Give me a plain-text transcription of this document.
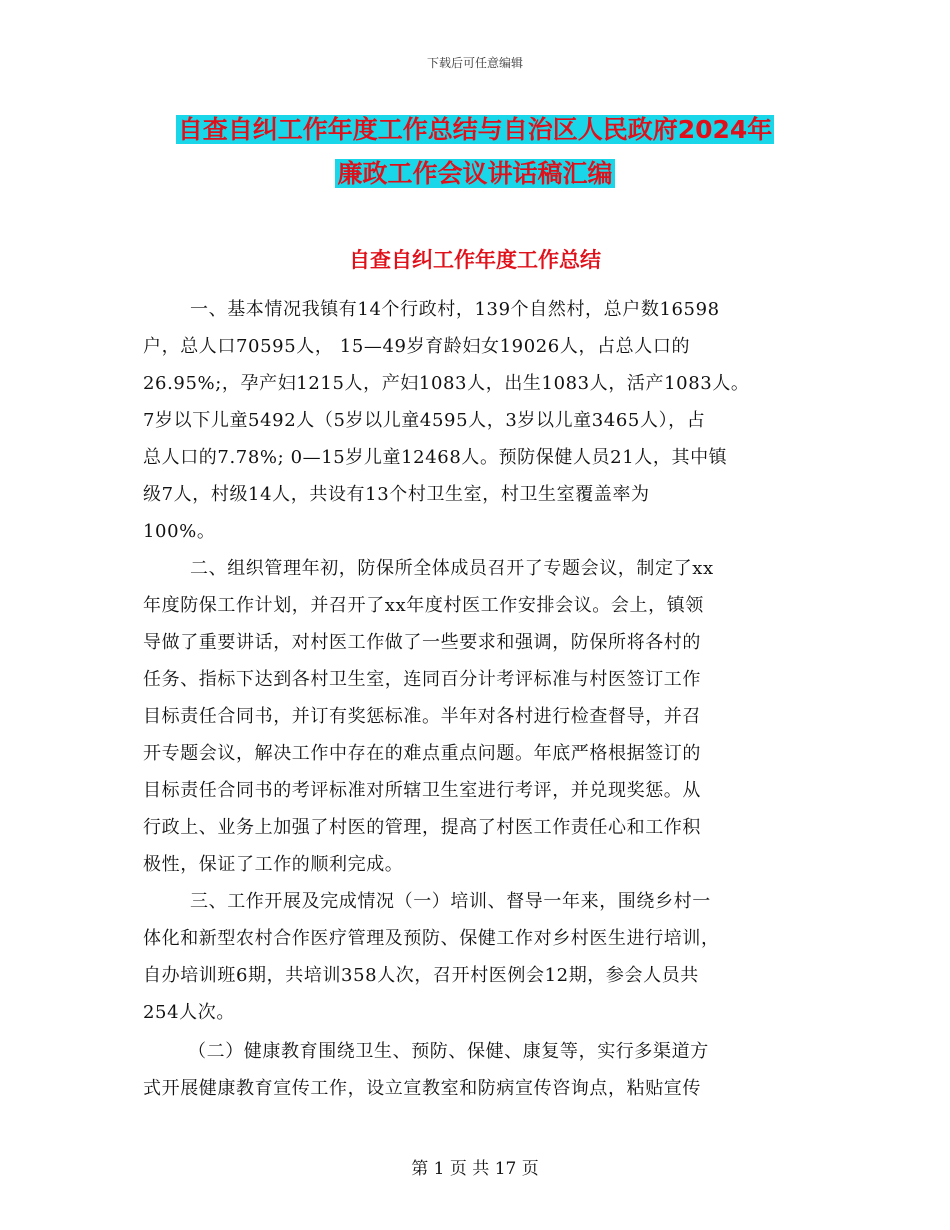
下载后可任意编辑
自查自纠工作年度工作总结与自治区人民政府2024年
廉政工作会议讲话稿汇编
自查自纠工作年度工作总结
一、基本情况我镇有14个行政村，139个自然村，总户数16598
户，总人口70595人， 15—49岁育龄妇女19026人，占总人口的
26.95%;，孕产妇1215人，产妇1083人，出生1083人，活产1083人。
7岁以下儿童5492人（5岁以儿童4595人，3岁以儿童3465人），占
总人口的7.78%; 0—15岁儿童12468人。预防保健人员21人，其中镇
级7人，村级14人，共设有13个村卫生室，村卫生室覆盖率为
100%。
二、组织管理年初，防保所全体成员召开了专题会议，制定了xx
年度防保工作计划，并召开了xx年度村医工作安排会议。会上，镇领
导做了重要讲话，对村医工作做了一些要求和强调，防保所将各村的
任务、指标下达到各村卫生室，连同百分计考评标准与村医签订工作
目标责任合同书，并订有奖惩标准。半年对各村进行检查督导，并召
开专题会议，解决工作中存在的难点重点问题。年底严格根据签订的
目标责任合同书的考评标准对所辖卫生室进行考评，并兑现奖惩。从
行政上、业务上加强了村医的管理，提高了村医工作责任心和工作积
极性，保证了工作的顺利完成。
三、工作开展及完成情况（一）培训、督导一年来，围绕乡村一
体化和新型农村合作医疗管理及预防、保健工作对乡村医生进行培训，
自办培训班6期，共培训358人次，召开村医例会12期，参会人员共
254人次。
（二）健康教育围绕卫生、预防、保健、康复等，实行多渠道方
式开展健康教育宣传工作，设立宣教室和防病宣传咨询点，粘贴宣传
第 1 页 共 17 页
